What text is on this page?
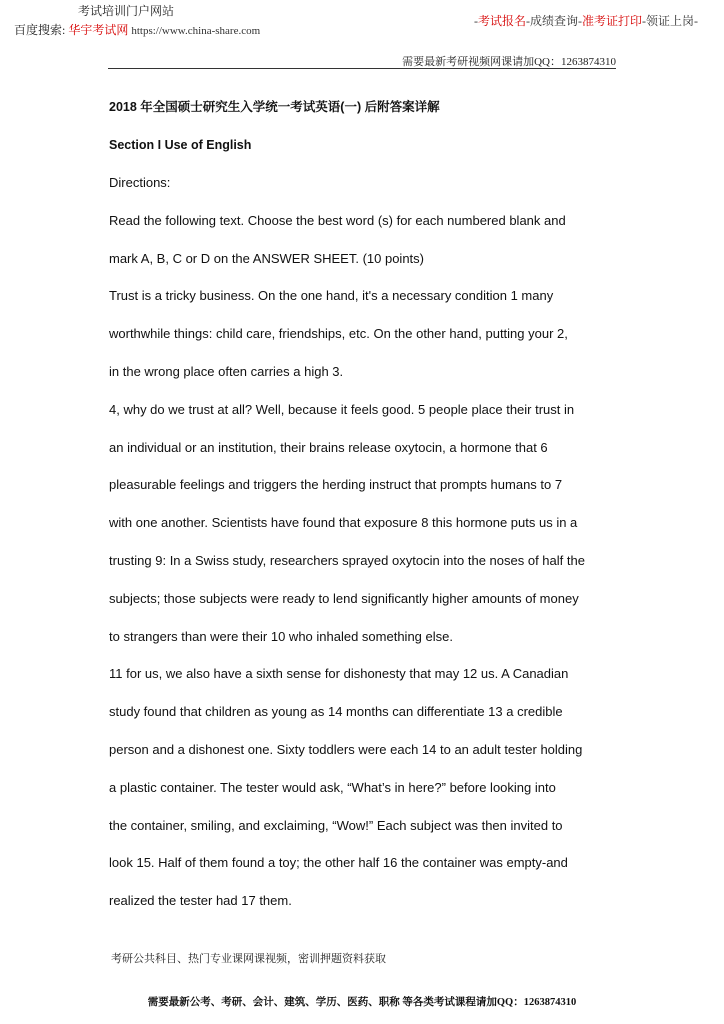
考试培训门户网站
百度搜索: 华宇考试网 https://www.china-share.com
-考试报名-成绩查询-准考证打印-领证上岗-
需要最新考研视频网课请加QQ：1263874310
2018 年全国硕士研究生入学统一考试英语(一) 后附答案详解
Section I Use of English
Directions:
Read the following text. Choose the best word (s) for each numbered blank and
mark A, B, C or D on the ANSWER SHEET. (10 points)
Trust is a tricky business. On the one hand, it's a necessary condition 1 many
worthwhile things: child care, friendships, etc. On the other hand, putting your 2,
in the wrong place often carries a high 3.
4, why do we trust at all? Well, because it feels good. 5 people place their trust in
an individual or an institution, their brains release oxytocin, a hormone that 6
pleasurable feelings and triggers the herding instruct that prompts humans to 7
with one another. Scientists have found that exposure 8 this hormone puts us in a
trusting 9: In a Swiss study, researchers sprayed oxytocin into the noses of half the
subjects; those subjects were ready to lend significantly higher amounts of money
to strangers than were their 10 who inhaled something else.
11 for us, we also have a sixth sense for dishonesty that may 12 us. A Canadian
study found that children as young as 14 months can differentiate 13 a credible
person and a dishonest one. Sixty toddlers were each 14 to an adult tester holding
a plastic container. The tester would ask, “What’s in here?” before looking into
the container, smiling, and exclaiming, “Wow!” Each subject was then invited to
look 15. Half of them found a toy; the other half 16 the container was empty-and
realized the tester had 17 them.
考研公共科目、热门专业课网课视频，密训押题资料获取
需要最新公考、考研、会计、建筑、学历、医药、职称 等各类考试课程请加QQ：1263874310
